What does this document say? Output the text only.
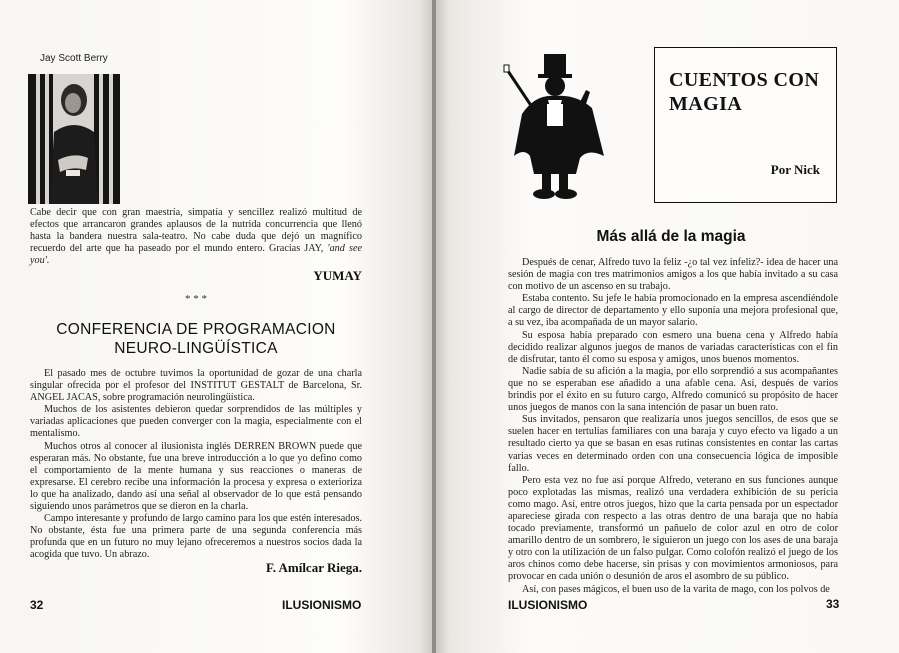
Jay Scott Berry
Cabe decir que con gran maestría, simpatía y sencillez realizó multitud de efectos que arrancaron grandes aplausos de la nutrida concurrencia que llenó hasta la bandera nuestra sala-teatro. No cabe duda que dejó un magnífico recuerdo del arte que ha paseado por el mundo entero. Gracias JAY, 'and see you'.
YUMAY
* * *
CONFERENCIA DE PROGRAMACION
NEURO-LINGÜÍSTICA

El pasado mes de octubre tuvimos la oportunidad de gozar de una charla singular ofrecida por el profesor del INSTITUT GESTALT de Barcelona, Sr. ANGEL JACAS, sobre programación neurolingüística.

Muchos de los asistentes debieron quedar sorprendidos de las múltiples y variadas aplicaciones que pueden converger con la magia, especialmente con el mentalismo.

Muchos otros al conocer al ilusionista inglés DERREN BROWN puede que esperaran más. No obstante, fue una breve introducción a lo que yo defino como el comportamiento de la mente humana y sus reacciones o maneras de expresarse. El cerebro recibe una información la procesa y expresa o exterioriza lo que ha analizado, dando así una señal al observador de lo que está pensando siguiendo unos parámetros que se dieron en la charla.

Campo interesante y profundo de largo camino para los que estén interesados. No obstante, ésta fue una primera parte de una segunda conferencia más profunda que en un futuro no muy lejano ofreceremos a nuestros socios dada la acogida que tuvo. Un abrazo.

F. Amílcar Riega.
32	ILUSIONISMO
CUENTOS CON
MAGIA
Por Nick
Más allá de la magia

Después de cenar, Alfredo tuvo la feliz -¿o tal vez infeliz?- idea de hacer una sesión de magia con tres matrimonios amigos a los que había invitado a su casa con motivo de un ascenso en su trabajo.

Estaba contento. Su jefe le había promocionado en la empresa ascendiéndole al cargo de director de departamento y ello suponía una mejora profesional que, a su vez, iba acompañada de un mayor salario.

Su esposa había preparado con esmero una buena cena y Alfredo había decidido realizar algunos juegos de manos de variadas características con el fin de disfrutar, tanto él como su esposa y amigos, unos buenos momentos.

Nadie sabía de su afición a la magia, por ello sorprendió a sus acompañantes que no se esperaban ese añadido a una afable cena. Así, después de varios brindis por el éxito en su futuro cargo, Alfredo comunicó su propósito de hacer unos juegos de manos con la sana intención de pasar un buen rato.

Sus invitados, pensaron que realizaría unos juegos sencillos, de esos que se suelen hacer en tertulias familiares con una baraja y cuyo efecto va ligado a un resultado cierto ya que se basan en esas rutinas consistentes en contar las cartas varias veces en determinado orden con una consecuencia lógica de imposible fallo.

Pero esta vez no fue así porque Alfredo, veterano en sus funciones aunque poco explotadas las mismas, realizó una verdadera exhibición de su pericia como mago. Así, entre otros juegos, hizo que la carta pensada por un espectador apareciese girada con respecto a las otras dentro de una baraja que no había tocado previamente, transformó un pañuelo de color azul en otro de color amarillo dentro de un sombrero, le siguieron un juego con los ases de una baraja y otro con la utilización de un falso pulgar. Como colofón realizó el juego de los aros chinos como debe hacerse, sin prisas y con movimientos armoniosos, para provocar en cada unión o desunión de aros el asombro de su público.

Así, con pases mágicos, el buen uso de la varita de mago, con los polvos de

ILUSIONISMO	33
